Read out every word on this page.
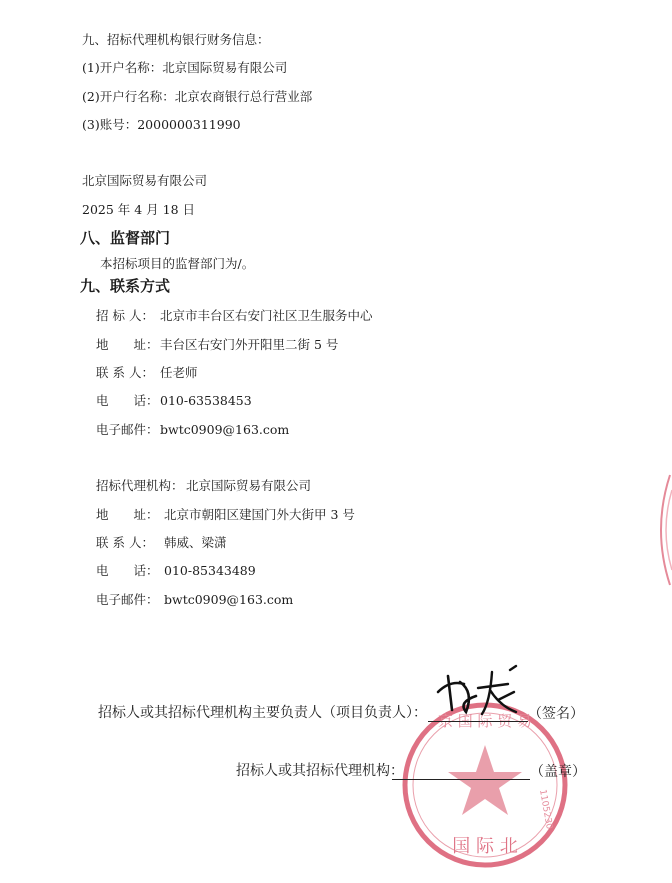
九、招标代理机构银行财务信息：
(1)开户名称：北京国际贸易有限公司
(2)开户行名称：北京农商银行总行营业部
(3)账号：2000000311990
北京国际贸易有限公司
2025 年 4 月 18 日
八、监督部门
本招标项目的监督部门为/。
九、联系方式
招 标 人： 北京市丰台区右安门社区卫生服务中心
地　　址： 丰台区右安门外开阳里二街 5 号
联 系 人： 任老师
电　　话： 010-63538453
电子邮件： bwtc0909@163.com
招标代理机构： 北京国际贸易有限公司
地　　址： 北京市朝阳区建国门外大街甲 3 号
联 系 人： 韩威、梁潇
电　　话： 010-85343489
电子邮件： bwtc0909@163.com
京 国 际 贸 易
1105230
国 际 北
招标人或其招标代理机构主要负责人（项目负责人）：	（签名）
招标人或其招标代理机构：	（盖章）
